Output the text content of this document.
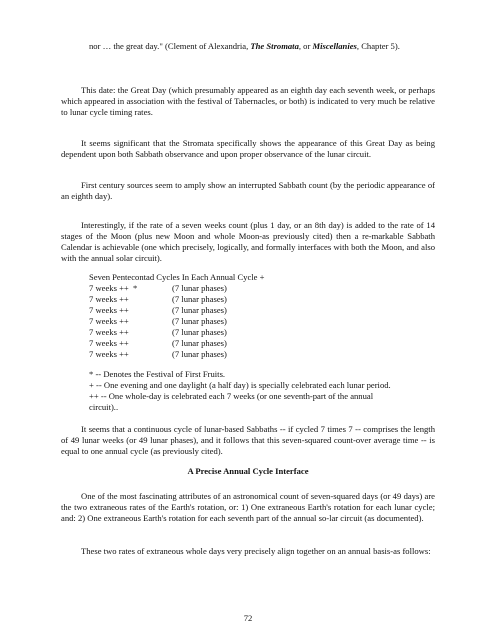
nor … the great day." (Clement of Alexandria, The Stromata, or Miscellanies, Chapter 5).

This date: the Great Day (which presumably appeared as an eighth day each seventh week, or perhaps which appeared in association with the festival of Tabernacles, or both) is indicated to very much be relative to lunar cycle timing rates.

It seems significant that the Stromata specifically shows the appearance of this Great Day as being dependent upon both Sabbath observance and upon proper observance of the lunar circuit.

First century sources seem to amply show an interrupted Sabbath count (by the periodic appearance of an eighth day).

Interestingly, if the rate of a seven weeks count (plus 1 day, or an 8th day) is added to the rate of 14 stages of the Moon (plus new Moon and whole Moon-as previously cited) then a re-markable Sabbath Calendar is achievable (one which precisely, logically, and formally interfaces with both the Moon, and also with the annual solar circuit).

Seven Pentecontad Cycles In Each Annual Cycle +
7 weeks ++  *	(7 lunar phases)
7 weeks ++	(7 lunar phases)
7 weeks ++	(7 lunar phases)
7 weeks ++	(7 lunar phases)
7 weeks ++	(7 lunar phases)
7 weeks ++	(7 lunar phases)
7 weeks ++	(7 lunar phases)
* -- Denotes the Festival of First Fruits.
+ -- One evening and one daylight (a half day) is specially celebrated each lunar period.
++ -- One whole-day is celebrated each 7 weeks (or one seventh-part of the annual circuit)..

It seems that a continuous cycle of lunar-based Sabbaths -- if cycled 7 times 7 -- comprises the length of 49 lunar weeks (or 49 lunar phases), and it follows that this seven-squared count-over average time -- is equal to one annual cycle (as previously cited).

A Precise Annual Cycle Interface

One of the most fascinating attributes of an astronomical count of seven-squared days (or 49 days) are the two extraneous rates of the Earth's rotation, or: 1) One extraneous Earth's rotation for each lunar cycle; and: 2) One extraneous Earth's rotation for each seventh part of the annual so-lar circuit (as documented).

These two rates of extraneous whole days very precisely align together on an annual basis-as follows:

72
